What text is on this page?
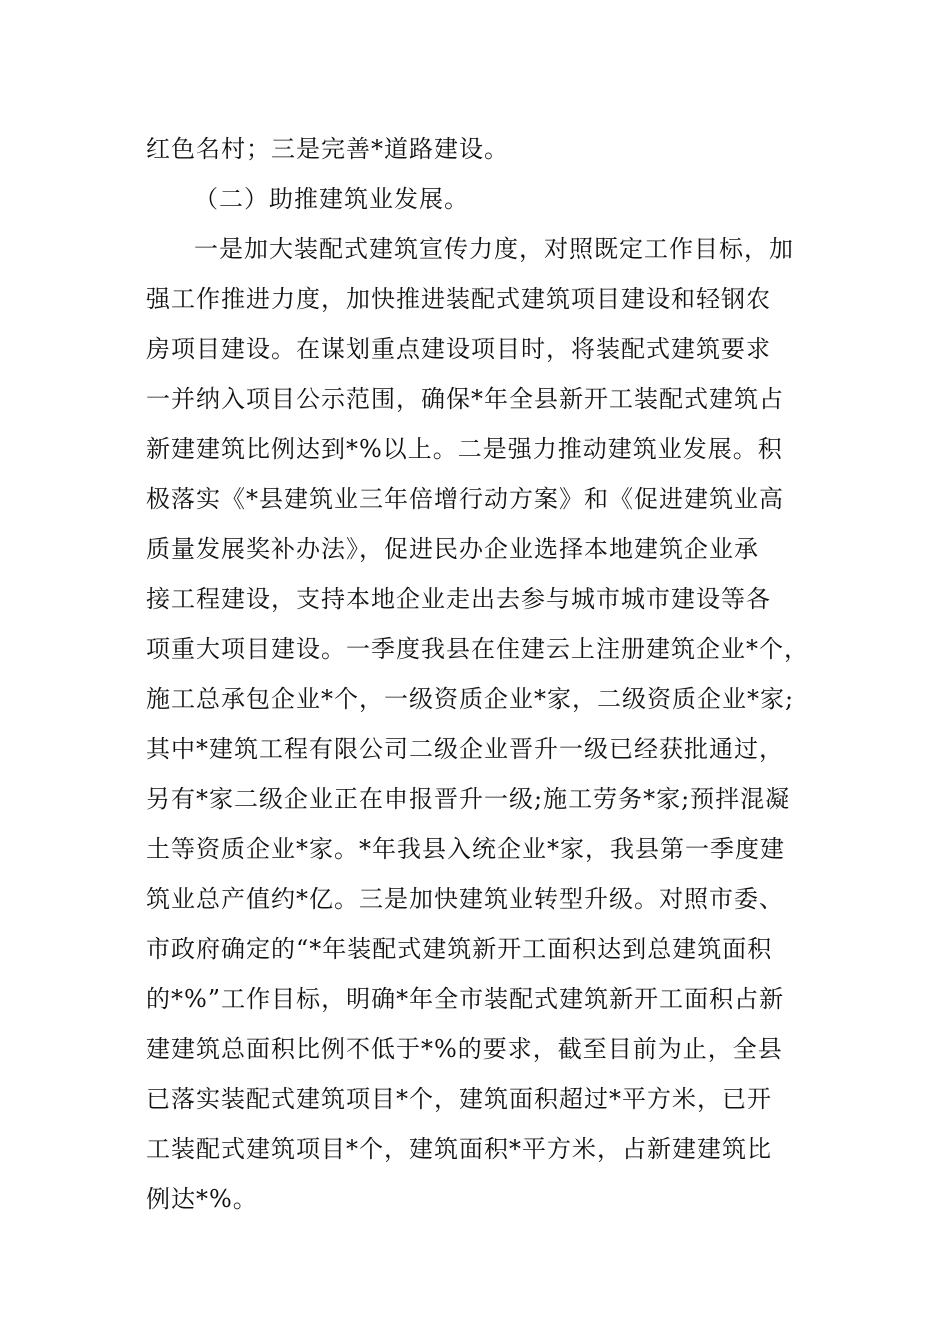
红色名村；三是完善*道路建设。
（二）助推建筑业发展。
一是加大装配式建筑宣传力度，对照既定工作目标，加
强工作推进力度，加快推进装配式建筑项目建设和轻钢农
房项目建设。在谋划重点建设项目时，将装配式建筑要求
一并纳入项目公示范围，确保*年全县新开工装配式建筑占
新建建筑比例达到*%以上。二是强力推动建筑业发展。积
极落实《*县建筑业三年倍增行动方案》和《促进建筑业高
质量发展奖补办法》，促进民办企业选择本地建筑企业承
接工程建设，支持本地企业走出去参与城市城市建设等各
项重大项目建设。一季度我县在住建云上注册建筑企业*个，
施工总承包企业*个，一级资质企业*家，二级资质企业*家;
其中*建筑工程有限公司二级企业晋升一级已经获批通过，
另有*家二级企业正在申报晋升一级;施工劳务*家;预拌混凝
土等资质企业*家。*年我县入统企业*家，我县第一季度建
筑业总产值约*亿。三是加快建筑业转型升级。对照市委、
市政府确定的“*年装配式建筑新开工面积达到总建筑面积
的*%”工作目标，明确*年全市装配式建筑新开工面积占新
建建筑总面积比例不低于*%的要求，截至目前为止，全县
已落实装配式建筑项目*个，建筑面积超过*平方米，已开
工装配式建筑项目*个，建筑面积*平方米，占新建建筑比
例达*%。
